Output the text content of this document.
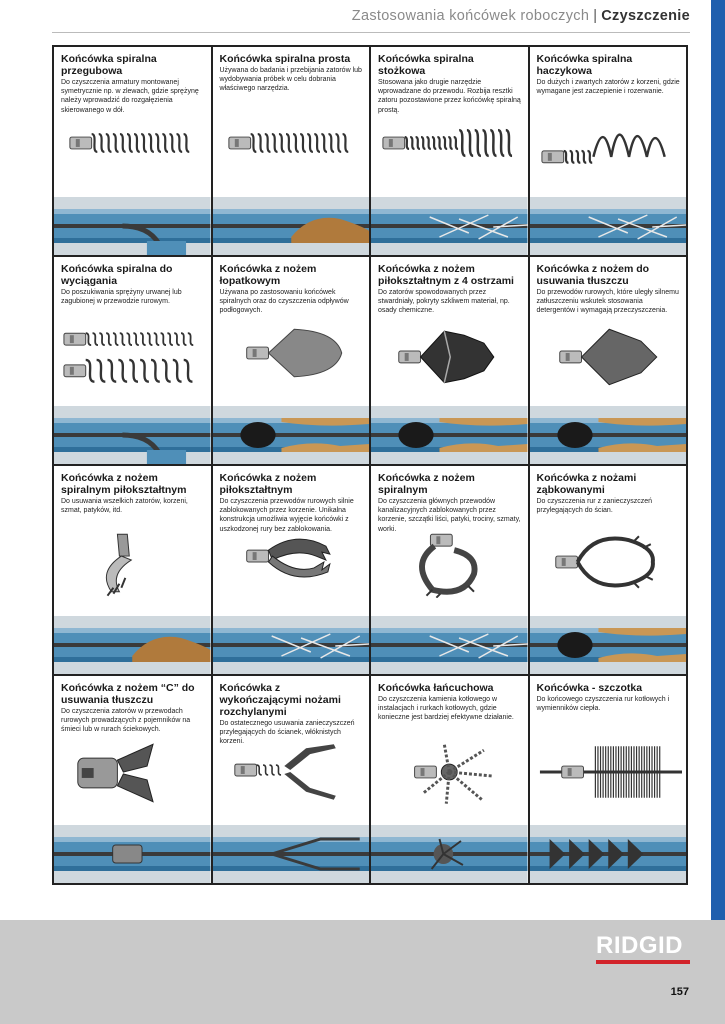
Zastosowania końcówek roboczych | Czyszczenie
Końcówka spiralna przegubowa

Do czyszczenia armatury montowanej symetrycznie np. w zlewach, gdzie sprężynę należy wprowadzić do rozgałęzienia skierowanego w dół.

Końcówka spiralna prosta

Używana do badania i przebijania zatorów lub wydobywania próbek w celu dobrania właściwego narzędzia.

Końcówka spiralna stożkowa

Stosowana jako drugie narzędzie wprowadzane do przewodu. Rozbija resztki zatoru pozostawione przez końcówkę spiralną prostą.

Końcówka spiralna haczykowa

Do dużych i zwartych zatorów z korzeni, gdzie wymagane jest zaczepienie i rozerwanie.

Końcówka spiralna do wyciągania

Do poszukiwania sprężyny urwanej lub zagubionej w przewodzie rurowym.

Końcówka z nożem łopatkowym

Używana po zastosowaniu końcówek spiralnych oraz do czyszczenia odpływów podłogowych.

Końcówka z nożem piłokształtnym z 4 ostrzami

Do zatorów spowodowanych przez stwardniały, pokryty szkliwem materiał, np. osady chemiczne.

Końcówka z nożem do usuwania tłuszczu

Do przewodów rurowych, które uległy silnemu zatłuszczeniu wskutek stosowania detergentów i wymagają przeczyszczenia.

Końcówka z nożem spiralnym piłokształtnym

Do usuwania wszelkich zatorów, korzeni, szmat, patyków, itd.

Końcówka z nożem piłokształtnym

Do czyszczenia przewodów rurowych silnie zablokowanych przez korzenie. Unikalna konstrukcja umożliwia wyjęcie końcówki z uszkodzonej rury bez zablokowania.

Końcówka z nożem spiralnym

Do czyszczenia głównych przewodów kanalizacyjnych zablokowanych przez korzenie, szczątki liści, patyki, trociny, szmaty, worki.

Końcówka z nożami ząbkowanymi

Do czyszczenia rur z zanieczyszczeń przylegających do ścian.

Końcówka z nożem “C” do usuwania tłuszczu

Do czyszczenia zatorów w przewodach rurowych prowadzących z pojemników na śmieci lub w rurach ściekowych.

Końcówka z wykończającymi nożami rozchylanymi

Do ostatecznego usuwania zanieczyszczeń przylegających do ścianek, włóknistych korzeni.

Końcówka łańcuchowa

Do czyszczenia kamienia kotłowego w instalacjach i rurkach kotłowych, gdzie konieczne jest bardziej efektywne działanie.

Końcówka - szczotka

Do końcowego czyszczenia rur kotłowych i wymienników ciepła.

RIDGID
157
